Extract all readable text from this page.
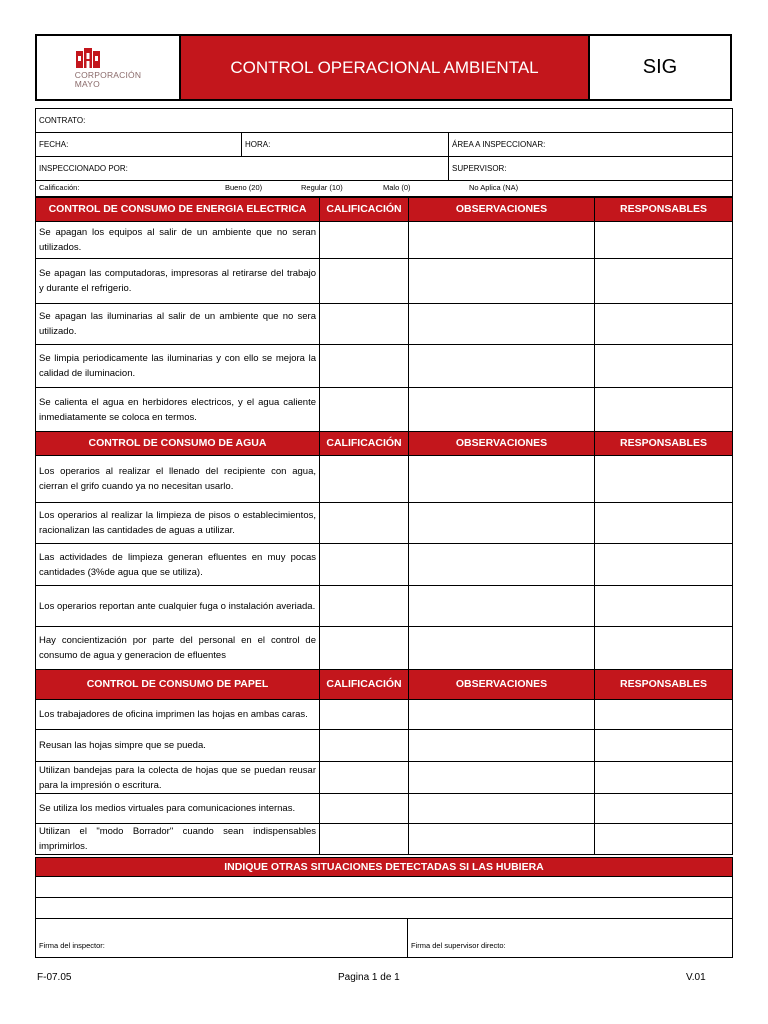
CORPORACIÓN
MAYO
	CONTROL OPERACIONAL AMBIENTAL	SIG
CONTRATO:		
FECHA:	HORA:	ÁREA A INSPECCIONAR:
INSPECCIONADO POR:		SUPERVISOR:

Calificación: Bueno (20) Regular (10) Malo (0) No Aplica (NA)		
CONTROL DE CONSUMO DE ENERGIA ELECTRICA	CALIFICACIÓN	OBSERVACIONES	RESPONSABLES
Se apagan los equipos al salir de un ambiente que no seran utilizados.			
Se apagan las computadoras, impresoras al retirarse del trabajo y durante el refrigerio.			
Se apagan las iluminarias al salir de un ambiente que no sera utilizado.			
Se limpia periodicamente las iluminarias y con ello se mejora la calidad de iluminacion.			
Se calienta el agua en herbidores electricos, y el agua caliente inmediatamente se coloca en termos.			
CONTROL DE CONSUMO DE AGUA	CALIFICACIÓN	OBSERVACIONES	RESPONSABLES
Los operarios al realizar el llenado del recipiente con agua, cierran el grifo cuando ya no necesitan usarlo.			
Los operarios al realizar la limpieza de pisos o establecimientos, racionalizan las cantidades de aguas a utilizar.			
Las actividades de limpieza generan efluentes en muy pocas cantidades (3%de agua que se utiliza).			
Los operarios reportan ante cualquier fuga o instalación averiada.			
Hay concientización por parte del personal en el control de consumo de agua y generacion de efluentes			
CONTROL DE CONSUMO DE PAPEL	CALIFICACIÓN	OBSERVACIONES	RESPONSABLES
Los trabajadores de oficina imprimen las hojas en ambas caras.			
Reusan las hojas simpre que se pueda.			
Utilizan bandejas para la colecta de hojas que se puedan reusar para la impresión o escritura.			
Se utiliza los medios virtuales para comunicaciones internas.			
Utilizan el "modo Borrador" cuando sean indispensables imprimirlos.			
INDIQUE OTRAS SITUACIONES DETECTADAS SI LAS HUBIERA

Firma del inspector:	Firma del supervisor directo:
F-07.05	Pagina 1 de 1	V.01
